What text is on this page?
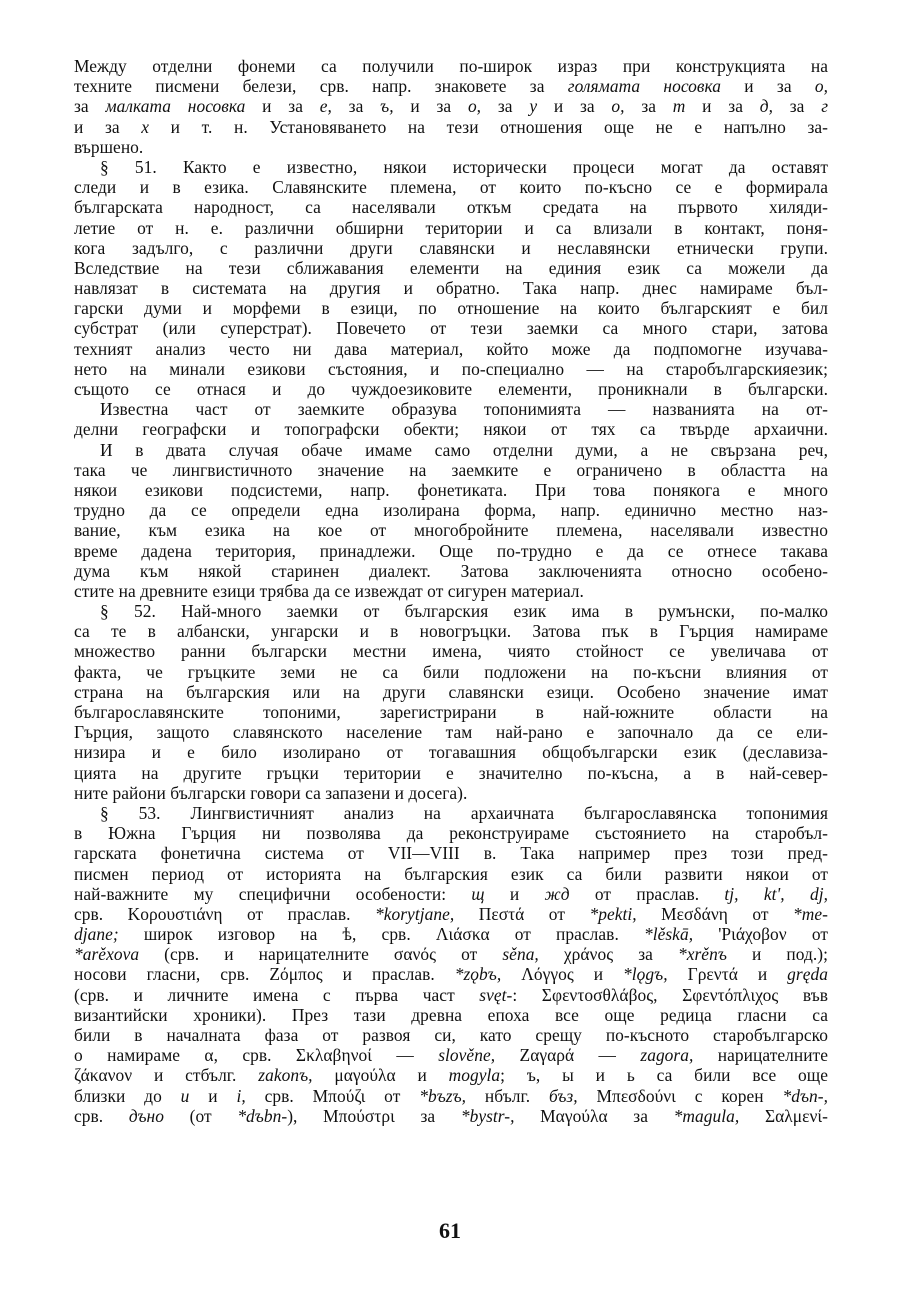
Между отделни фонеми са получили по-широк израз при конструкцията на
техните писмени белези, срв. напр. знаковете за голямата носовка и за о,
за малката носовка и за е, за ъ, и за о, за у и за о, за т и за д, за г
и за х и т. н. Установяването на тези отношения още не е напълно за-
вършено.
§ 51. Както е известно, някои исторически процеси могат да оставят
следи и в езика. Славянските племена, от които по-късно се е формирала
българската народност, са населявали откъм средата на първото хиляди-
летие от н. е. различни обширни територии и са влизали в контакт, поня-
кога задълго, с различни други славянски и неславянски етнически групи.
Вследствие на тези сближавания елементи на единия език са можели да
навлязат в системата на другия и обратно. Така напр. днес намираме бъл-
гарски думи и морфеми в езици, по отношение на които българският е бил
субстрат (или суперстрат). Повечето от тези заемки са много стари, затова
техният анализ често ни дава материал, който може да подпомогне изучава-
нето на минали езикови състояния, и по-специално — на старобългарскияезик;
същото се отнася и до чуждоезиковите елементи, проникнали в български.
Известна част от заемките образува топонимията — названията на от-
делни географски и топографски обекти; някои от тях са твърде архаични.
И в двата случая обаче имаме само отделни думи, а не свързана реч,
така че лингвистичното значение на заемките е ограничено в областта на
някои езикови подсистеми, напр. фонетиката. При това понякога е много
трудно да се определи една изолирана форма, напр. единично местно наз-
вание, към езика на кое от многобройните племена, населявали известно
време дадена територия, принадлежи. Още по-трудно е да се отнесе такава
дума към някой старинен диалект. Затова заключенията относно особено-
стите на древните езици трябва да се извеждат от сигурен материал.
§ 52. Най-много заемки от българския език има в румънски, по-малко
са те в албански, унгарски и в новогръцки. Затова пък в Гърция намираме
множество ранни български местни имена, чиято стойност се увеличава от
факта, че гръцките земи не са били подложени на по-късни влияния от
страна на българския или на други славянски езици. Особено значение имат
българославянските топоними, зарегистрирани в най-южните области на
Гърция, защото славянското население там най-рано е започнало да се ели-
низира и е било изолирано от тогавашния общобългарски език (деславиза-
цията на другите гръцки територии е значително по-късна, а в най-север-
ните райони български говори са запазени и досега).
§ 53. Лингвистичният анализ на архаичната българославянска топонимия
в Южна Гърция ни позволява да реконструираме състоянието на старобъл-
гарската фонетична система от VII—VIII в. Така например през този пред-
писмен период от историята на българския език са били развити някои от
най-важните му специфични особености: щ и жд от праслав. tj, kt', dj,
срв. Κορουστιάνη от праслав. *korytjane, Πεστά от *pekti, Μεσδάνη от *me-
djane; широк изговор на ѣ, срв. Λιάσκα от праслав. *lěskā, 'Ριάχοβον от
*arěxova (срв. и нарицателните σανός от sěna, χράνος за *xrěnъ и под.);
носови гласни, срв. Ζόμπος и праслав. *zǫbъ, Λόγγος и *lǫgъ, Γρεντά и gręda
(срв. и личните имена с първа част svęt-: Σφεντοσθλάβος, Σφεντόπλιχος във
византийски хроники). През тази древна епоха все още редица гласни са
били в началната фаза от развоя си, като срещу по-късното старобългарско
о намираме α, срв. Σκλαβηνοί — slověne, Ζαγαρά — zagora, нарицателните
ζάκανον и стбълг. zakonъ, μαγούλα и mogyla; ъ, ы и ь са били все още
близки до u и i, срв. Μπούζι от *bъzъ, нбълг. бъз, Μπεσδούνι с корен *dъn-,
срв. дъно (от *dъbn-), Μπούστρι за *bystr-, Μαγούλα за *magula, Σαλμενί-
61
